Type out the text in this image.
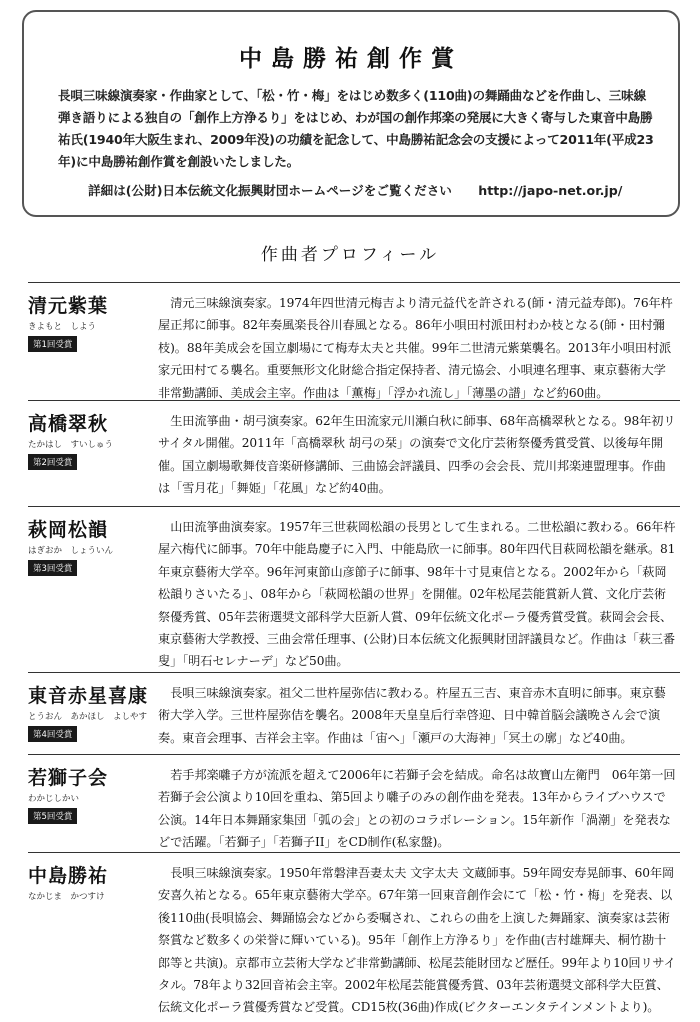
中島勝祐創作賞
長唄三味線演奏家・作曲家として、「松・竹・梅」をはじめ数多く(110曲)の舞踊曲などを作曲し、三味線弾き語りによる独自の「創作上方浄るり」をはじめ、わが国の創作邦楽の発展に大きく寄与した東音中島勝祐氏(1940年大阪生まれ、2009年没)の功績を記念して、中島勝祐記念会の支援によって2011年(平成23年)に中島勝祐創作賞を創設いたしました。
詳細は(公財)日本伝統文化振興財団ホームページをご覧ください http://japo-net.or.jp/
作曲者プロフィール
清元紫葉
きよもと　しよう
第1回受賞
清元三味線演奏家。1974年四世清元梅吉より清元益代を許される(師・清元益寿郎)。76年杵屋正邦に師事。82年奏風楽長谷川春風となる。86年小唄田村派田村わか枝となる(師・田村彌枝)。88年美成会を国立劇場にて梅寿太夫と共催。99年二世清元紫葉襲名。2013年小唄田村派家元田村てる襲名。重要無形文化財総合指定保持者、清元協会、小唄連名理事、東京藝術大学非常勤講師、美成会主宰。作曲は「薫梅」「浮かれ流し」「薄墨の譜」など約60曲。
高橋翠秋
たかはし　すいしゅう
第2回受賞
生田流箏曲・胡弓演奏家。62年生田流家元川瀬白秋に師事、68年高橋翠秋となる。98年初リサイタル開催。2011年「高橋翠秋 胡弓の栞」の演奏で文化庁芸術祭優秀賞受賞、以後毎年開催。国立劇場歌舞伎音楽研修講師、三曲協会評議員、四季の会会長、荒川邦楽連盟理事。作曲は「雪月花」「舞姫」「花風」など約40曲。
萩岡松韻
はぎおか　しょういん
第3回受賞
山田流箏曲演奏家。1957年三世萩岡松韻の長男として生まれる。二世松韻に教わる。66年杵屋六梅代に師事。70年中能島慶子に入門、中能島欣一に師事。80年四代目萩岡松韻を継承。81年東京藝術大学卒。96年河東節山彦節子に師事、98年十寸見東信となる。2002年から「萩岡松韻りさいたる」、08年から「萩岡松韻の世界」を開催。02年松尾芸能賞新人賞、文化庁芸術祭優秀賞、05年芸術選奨文部科学大臣新人賞、09年伝統文化ポーラ優秀賞受賞。萩岡会会長、東京藝術大学教授、三曲会常任理事、(公財)日本伝統文化振興財団評議員など。作曲は「萩三番叟」「明石セレナーデ」など50曲。
東音赤星喜康
とうおん　あかほし　よしやす
第4回受賞
長唄三味線演奏家。祖父二世杵屋弥佶に教わる。杵屋五三吉、東音赤木直明に師事。東京藝術大学入学。三世杵屋弥佶を襲名。2008年天皇皇后行幸啓迎、日中韓首脳会議晩さん会で演奏。東音会理事、吉祥会主宰。作曲は「宙へ」「瀬戸の大海神」「冥土の廓」など40曲。
若獅子会
わかじしかい
第5回受賞
若手邦楽囃子方が流派を超えて2006年に若獅子会を結成。命名は故寶山左衛門　06年第一回若獅子会公演より10回を重ね、第5回より囃子のみの創作曲を発表。13年からライブハウスで公演。14年日本舞踊家集団「弧の会」との初のコラボレーション。15年新作「渦潮」を発表などで活躍。「若獅子」「若獅子II」をCD制作(私家盤)。
中島勝祐
なかじま　かつすけ
長唄三味線演奏家。1950年常磐津吾妻太夫 文字太夫 文蔵師事。59年岡安寿晃師事、60年岡安喜久祐となる。65年東京藝術大学卒。67年第一回東音創作会にて「松・竹・梅」を発表、以後110曲(長唄協会、舞踊協会などから委嘱され、これらの曲を上演した舞踊家、演奏家は芸術祭賞など数多くの栄誉に輝いている)。95年「創作上方浄るり」を作曲(吉村雄輝夫、桐竹勘十郎等と共演)。京都市立芸術大学など非常勤講師、松尾芸能財団など歴任。99年より10回リサイタル。78年より32回音祐会主宰。2002年松尾芸能賞優秀賞、03年芸術選奨文部科学大臣賞、伝統文化ポーラ賞優秀賞など受賞。CD15枚(36曲)作成(ビクターエンタテインメントより)。
